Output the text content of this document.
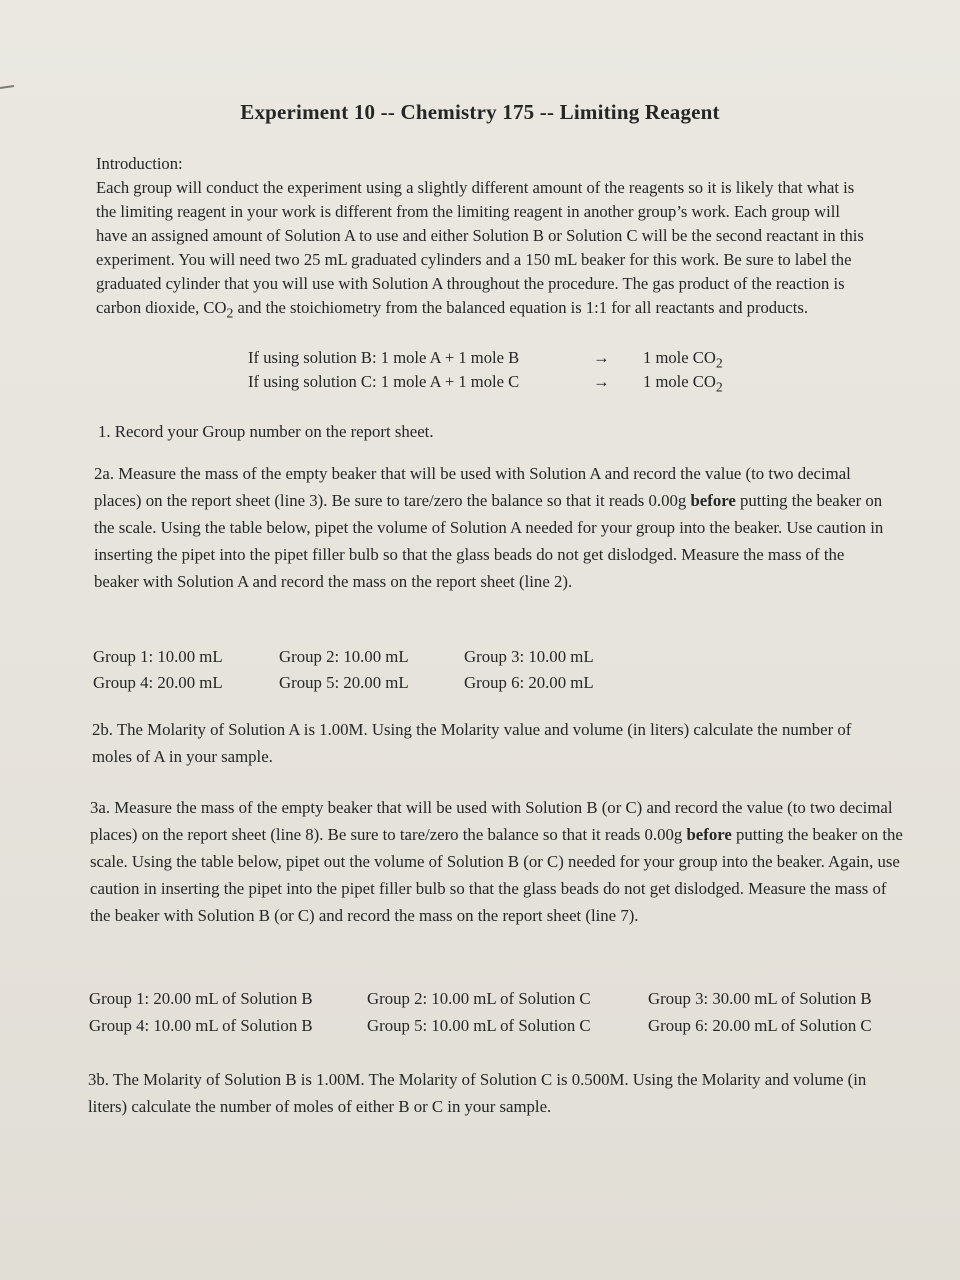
Experiment 10 -- Chemistry 175 -- Limiting Reagent
Introduction:
Each group will conduct the experiment using a slightly different amount of the reagents so it is likely that what is the limiting reagent in your work is different from the limiting reagent in another group’s work. Each group will have an assigned amount of Solution A to use and either Solution B or Solution C will be the second reactant in this experiment. You will need two 25 mL graduated cylinders and a 150 mL beaker for this work. Be sure to label the graduated cylinder that you will use with Solution A throughout the procedure. The gas product of the reaction is carbon dioxide, $CO_2$ and the stoichiometry from the balanced equation is 1:1 for all reactants and products.
If using solution B: 1 mole A + 1 mole B	→ 1 mole $CO_2$
If using solution C: 1 mole A + 1 mole C	→ 1 mole $CO_2$
1. Record your Group number on the report sheet.
2a. Measure the mass of the empty beaker that will be used with Solution A and record the value (to two decimal places) on the report sheet (line 3). Be sure to tare/zero the balance so that it reads 0.00g before putting the beaker on the scale. Using the table below, pipet the volume of Solution A needed for your group into the beaker. Use caution in inserting the pipet into the pipet filler bulb so that the glass beads do not get dislodged. Measure the mass of the beaker with Solution A and record the mass on the report sheet (line 2).
Group 1: 10.00 mL	Group 2: 10.00 mL	Group 3: 10.00 mL
Group 4: 20.00 mL	Group 5: 20.00 mL	Group 6: 20.00 mL
2b. The Molarity of Solution A is 1.00M. Using the Molarity value and volume (in liters) calculate the number of moles of A in your sample.
3a. Measure the mass of the empty beaker that will be used with Solution B (or C) and record the value (to two decimal places) on the report sheet (line 8). Be sure to tare/zero the balance so that it reads 0.00g before putting the beaker on the scale. Using the table below, pipet out the volume of Solution B (or C) needed for your group into the beaker. Again, use caution in inserting the pipet into the pipet filler bulb so that the glass beads do not get dislodged. Measure the mass of the beaker with Solution B (or C) and record the mass on the report sheet (line 7).
Group 1: 20.00 mL of Solution B	Group 2: 10.00 mL of Solution C	Group 3: 30.00 mL of Solution B
Group 4: 10.00 mL of Solution B	Group 5: 10.00 mL of Solution C	Group 6: 20.00 mL of Solution C
3b. The Molarity of Solution B is 1.00M. The Molarity of Solution C is 0.500M. Using the Molarity and volume (in liters) calculate the number of moles of either B or C in your sample.
